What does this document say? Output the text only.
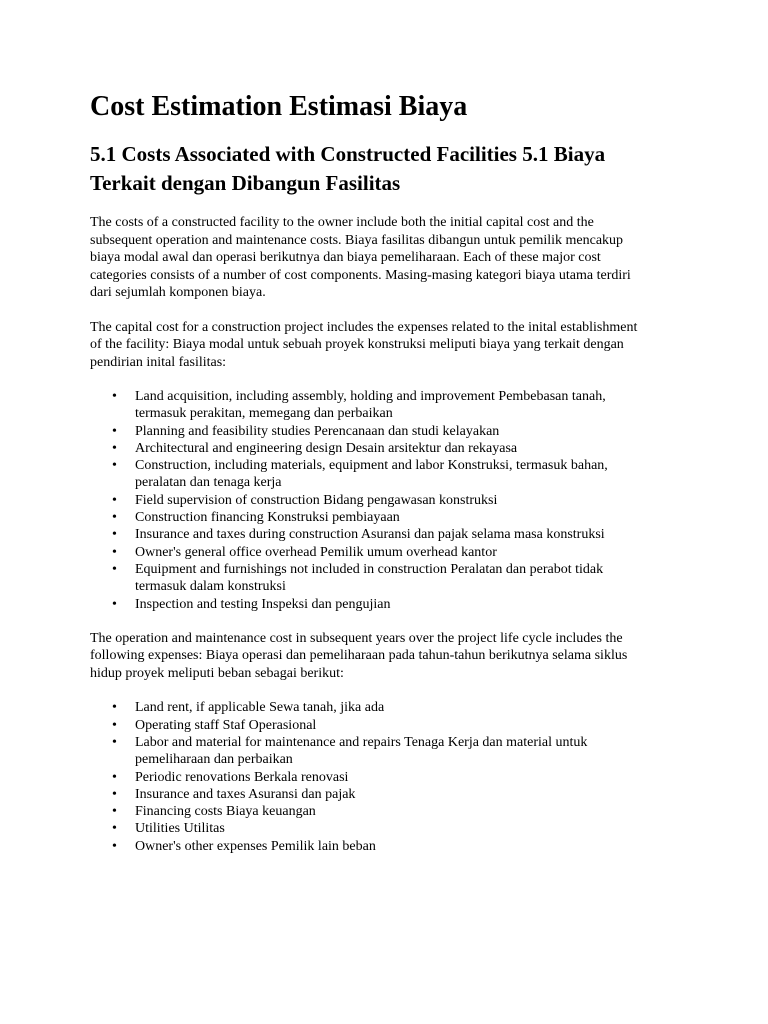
Cost Estimation Estimasi Biaya
5.1 Costs Associated with Constructed Facilities 5.1 Biaya Terkait dengan Dibangun Fasilitas

The costs of a constructed facility to the owner include both the initial capital cost and the subsequent operation and maintenance costs. Biaya fasilitas dibangun untuk pemilik mencakup biaya modal awal dan operasi berikutnya dan biaya pemeliharaan. Each of these major cost categories consists of a number of cost components. Masing-masing kategori biaya utama terdiri dari sejumlah komponen biaya.

The capital cost for a construction project includes the expenses related to the inital establishment of the facility: Biaya modal untuk sebuah proyek konstruksi meliputi biaya yang terkait dengan pendirian inital fasilitas:

• Land acquisition, including assembly, holding and improvement Pembebasan tanah, termasuk perakitan, memegang dan perbaikan
• Planning and feasibility studies Perencanaan dan studi kelayakan
• Architectural and engineering design Desain arsitektur dan rekayasa
• Construction, including materials, equipment and labor Konstruksi, termasuk bahan, peralatan dan tenaga kerja
• Field supervision of construction Bidang pengawasan konstruksi
• Construction financing Konstruksi pembiayaan
• Insurance and taxes during construction Asuransi dan pajak selama masa konstruksi
• Owner's general office overhead Pemilik umum overhead kantor
• Equipment and furnishings not included in construction Peralatan dan perabot tidak termasuk dalam konstruksi
• Inspection and testing Inspeksi dan pengujian

The operation and maintenance cost in subsequent years over the project life cycle includes the following expenses: Biaya operasi dan pemeliharaan pada tahun-tahun berikutnya selama siklus hidup proyek meliputi beban sebagai berikut:

• Land rent, if applicable Sewa tanah, jika ada
• Operating staff Staf Operasional
• Labor and material for maintenance and repairs Tenaga Kerja dan material untuk pemeliharaan dan perbaikan
• Periodic renovations Berkala renovasi
• Insurance and taxes Asuransi dan pajak
• Financing costs Biaya keuangan
• Utilities Utilitas
• Owner's other expenses Pemilik lain beban
